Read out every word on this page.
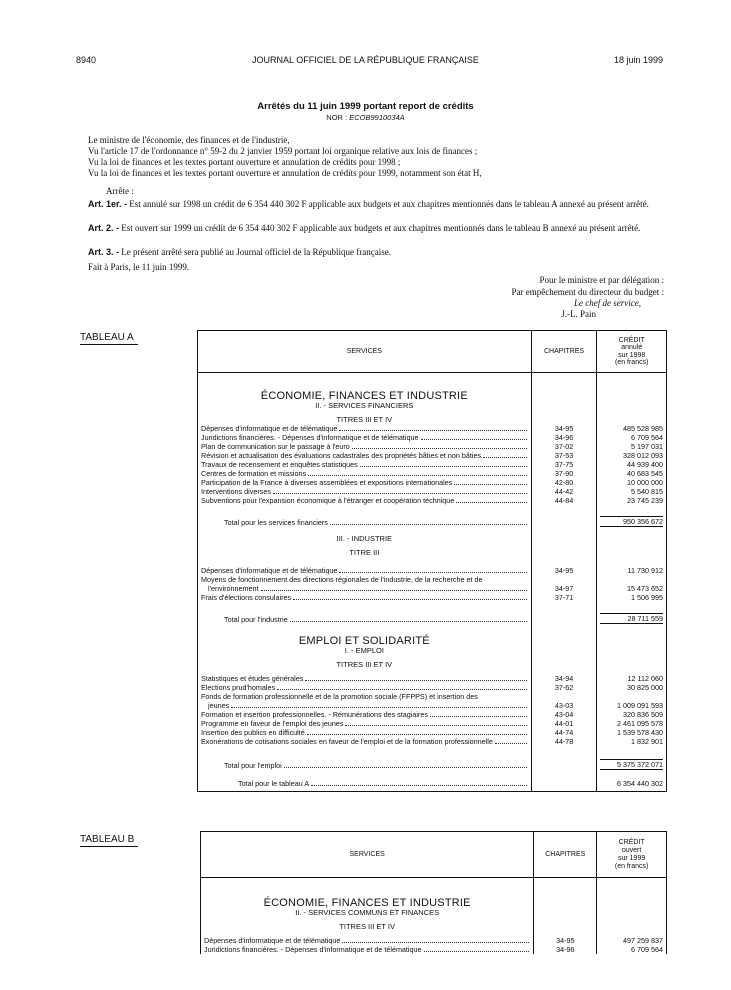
8940	JOURNAL OFFICIEL DE LA RÉPUBLIQUE FRANÇAISE	18 juin 1999
Arrêtés du 11 juin 1999 portant report de crédits
NOR : ECOB9910034A
Le ministre de l'économie, des finances et de l'industrie,
Vu l'article 17 de l'ordonnance n° 59-2 du 2 janvier 1959 portant loi organique relative aux lois de finances ;
Vu la loi de finances et les textes portant ouverture et annulation de crédits pour 1998 ;
Vu la loi de finances et les textes portant ouverture et annulation de crédits pour 1999, notamment son état H,
Arrête :
Art. 1er. - Est annulé sur 1998 un crédit de 6 354 440 302 F applicable aux budgets et aux chapitres mentionnés dans le tableau A annexé au présent arrêté.
Art. 2. - Est ouvert sur 1999 un crédit de 6 354 440 302 F applicable aux budgets et aux chapitres mentionnés dans le tableau B annexé au présent arrêté.
Art. 3. - Le présent arrêté sera publié au Journal officiel de la République française.
Fait à Paris, le 11 juin 1999.
Pour le ministre et par délégation :
Par empêchement du directeur du budget :
Le chef de service,
J.-L. Pain
TABLEAU A
SERVICES	CHAPITRES	CRÉDIT
annulé
sur 1998
(en francs)

ÉCONOMIE, FINANCES ET INDUSTRIE		
II. - SERVICES FINANCIERS		
TITRES III ET IV		

Dépenses d'informatique et de télématique	34-95	485 528 985

Juridictions financières. - Dépenses d'informatique et de télématique	34-96	6 709 564

Plan de communication sur le passage à l'euro	37-02	5 197 031

Révision et actualisation des évaluations cadastrales des propriétés bâties et non bâties	37-53	328 012 093

Travaux de recensement et enquêtes statistiques	37-75	44 939 400

Centres de formation et missions	37-90	40 683 545

Participation de la France à diverses assemblées et expositions internationales	42-80	10 000 000

Interventions diverses	44-42	5 540 815

Subventions pour l'expansion économique à l'étranger et coopération technique	44-84	23 745 239

Total pour les services financiers		950 356 672

III. - INDUSTRIE		
TITRE III		

Dépenses d'informatique et de télématique	34-95	11 730 912

Moyens de fonctionnement des directions régionales de l'industrie, de la recherche et de
l'environnement	34-97	15 473 652

Frais d'élections consulaires	37-71	1 506 995

Total pour l'industrie		28 711 559

EMPLOI ET SOLIDARITÉ		
I. - EMPLOI		
TITRES III ET IV		

Statistiques et études générales	34-94	12 112 060

Elections prud'homales	37-62	30 825 000

Fonds de formation professionnelle et de la promotion sociale (FFPPS) et insertion des
jeunes	43-03	1 009 091 593

Formation et insertion professionnelles. - Rémunérations des stagiaires	43-04	320 836 509

Programme en faveur de l'emploi des jeunes	44-01	2 461 095 578

Insertion des publics en difficulté	44-74	1 539 578 430

Exonérations de cotisations sociales en faveur de l'emploi et de la formation professionnelle	44-78	1 832 901

Total pour l'emploi		5 375 372 071

Total pour le tableau A		6 354 440 302
TABLEAU B
SERVICES	CHAPITRES	CRÉDIT
ouvert
sur 1999
(en francs)

ÉCONOMIE, FINANCES ET INDUSTRIE		
II. - SERVICES COMMUNS ET FINANCES		
TITRES III ET IV		

Dépenses d'informatique et de télématique	34-95	497 259 837

Juridictions financières. - Dépenses d'informatique et de télématique	34-96	6 709 564
